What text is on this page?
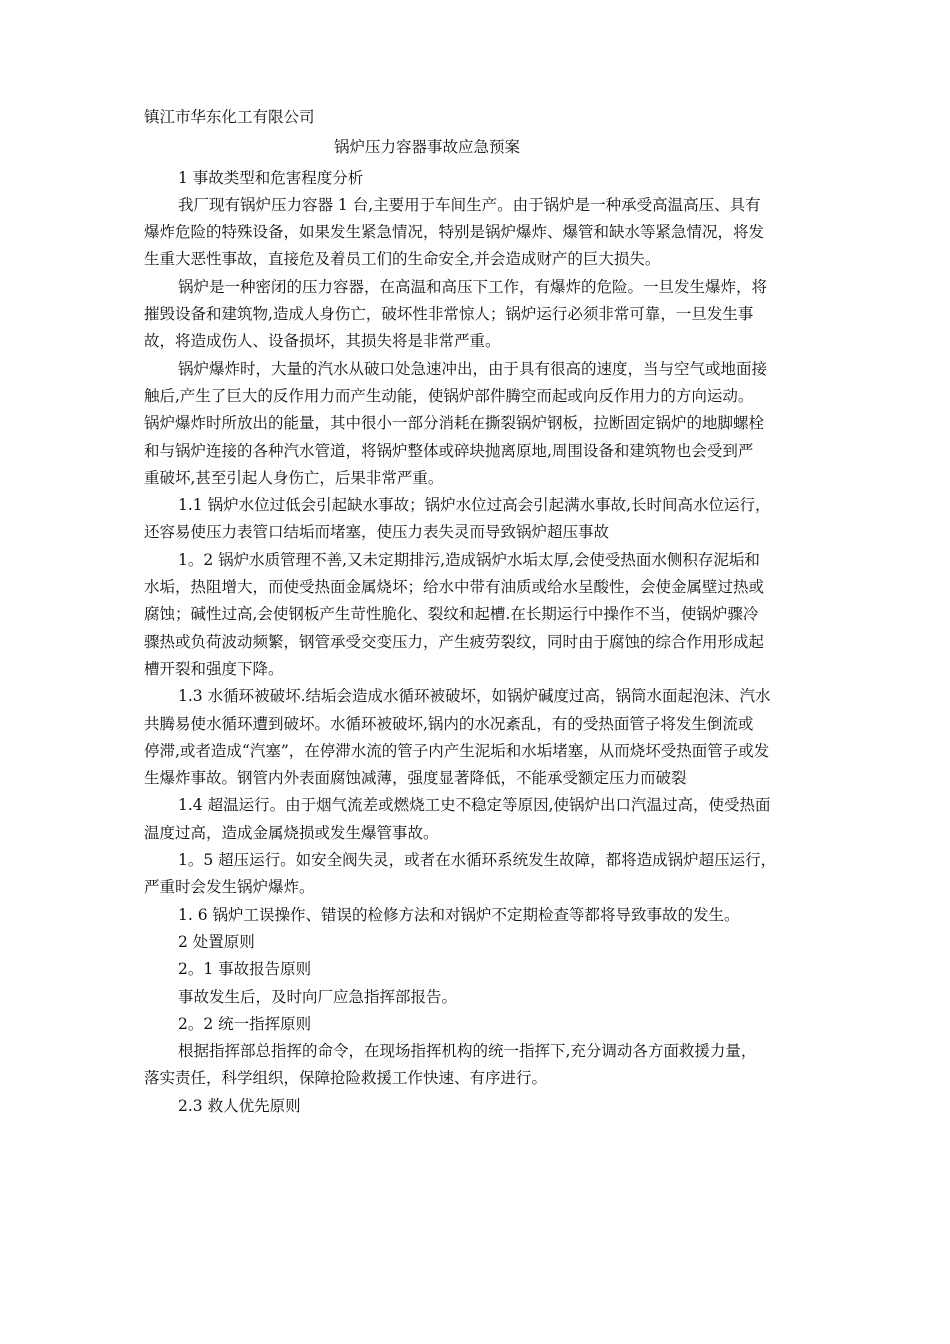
镇江市华东化工有限公司
锅炉压力容器事故应急预案
1 事故类型和危害程度分析
我厂现有锅炉压力容器 1 台,主要用于车间生产。由于锅炉是一种承受高温高压、具有
爆炸危险的特殊设备，如果发生紧急情况，特别是锅炉爆炸、爆管和缺水等紧急情况，将发
生重大恶性事故，直接危及着员工们的生命安全,并会造成财产的巨大损失。
锅炉是一种密闭的压力容器，在高温和高压下工作，有爆炸的危险。一旦发生爆炸，将
摧毁设备和建筑物,造成人身伤亡，破坏性非常惊人；锅炉运行必须非常可靠，一旦发生事
故，将造成伤人、设备损坏，其损失将是非常严重。
锅炉爆炸时，大量的汽水从破口处急速冲出，由于具有很高的速度，当与空气或地面接
触后,产生了巨大的反作用力而产生动能，使锅炉部件腾空而起或向反作用力的方向运动。
锅炉爆炸时所放出的能量，其中很小一部分消耗在撕裂锅炉钢板，拉断固定锅炉的地脚螺栓
和与锅炉连接的各种汽水管道，将锅炉整体或碎块抛离原地,周围设备和建筑物也会受到严
重破坏,甚至引起人身伤亡，后果非常严重。
1.1 锅炉水位过低会引起缺水事故；锅炉水位过高会引起满水事故,长时间高水位运行，
还容易使压力表管口结垢而堵塞，使压力表失灵而导致锅炉超压事故
1。2 锅炉水质管理不善,又未定期排污,造成锅炉水垢太厚,会使受热面水侧积存泥垢和
水垢，热阻增大，而使受热面金属烧坏；给水中带有油质或给水呈酸性，会使金属壁过热或
腐蚀；碱性过高,会使钢板产生苛性脆化、裂纹和起槽.在长期运行中操作不当，使锅炉骤冷
骤热或负荷波动频繁，钢管承受交变压力，产生疲劳裂纹，同时由于腐蚀的综合作用形成起
槽开裂和强度下降。
1.3 水循环被破坏.结垢会造成水循环被破坏，如锅炉碱度过高，锅筒水面起泡沫、汽水
共腾易使水循环遭到破坏。水循环被破坏,锅内的水况紊乱，有的受热面管子将发生倒流或
停滞,或者造成“汽塞”，在停滞水流的管子内产生泥垢和水垢堵塞，从而烧坏受热面管子或发
生爆炸事故。钢管内外表面腐蚀减薄，强度显著降低，不能承受额定压力而破裂
1.4 超温运行。由于烟气流差或燃烧工史不稳定等原因,使锅炉出口汽温过高，使受热面
温度过高，造成金属烧损或发生爆管事故。
1。5 超压运行。如安全阀失灵，或者在水循环系统发生故障，都将造成锅炉超压运行，
严重时会发生锅炉爆炸。
1. 6 锅炉工误操作、错误的检修方法和对锅炉不定期检查等都将导致事故的发生。
2 处置原则
2。1 事故报告原则
事故发生后，及时向厂应急指挥部报告。
2。2 统一指挥原则
根据指挥部总指挥的命令，在现场指挥机构的统一指挥下,充分调动各方面救援力量，
落实责任，科学组织，保障抢险救援工作快速、有序进行。
2.3 救人优先原则
